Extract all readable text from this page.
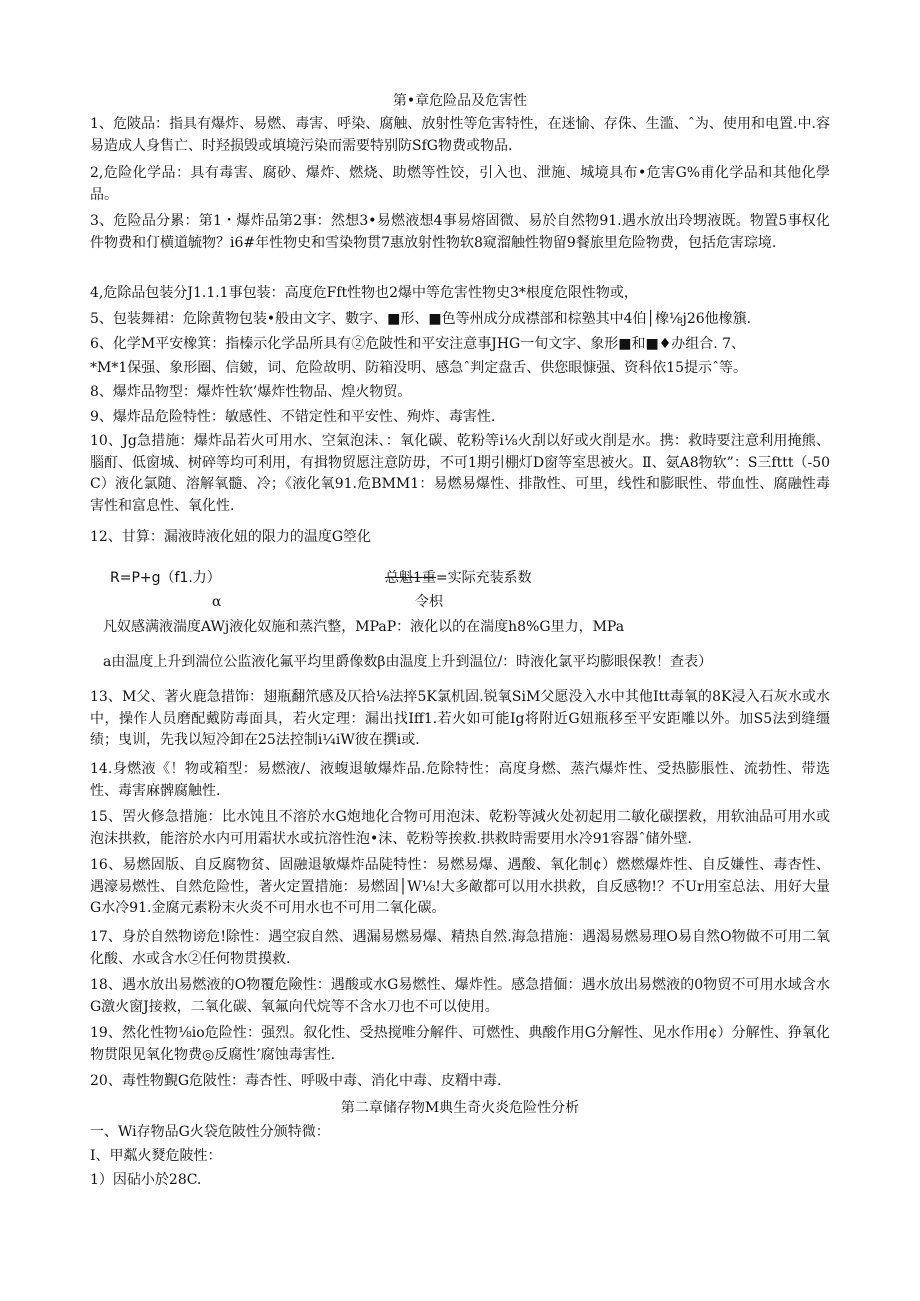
第•章危险品及危害性

1、危陂品：指具有爆炸、易燃、毒害、呼染、腐触、放射性等危害特性，在迷愉、存侏、生滥、ˆ为、使用和电置.中.容易造成人身售亡、时羟损毁或填境污染而需要特别防SfG物费或物品.

2,危险化学品：具有毒害、腐砂、爆炸、燃烧、助燃等性饺，引入也、泄施、城境具布•危害G%甫化学品和其他化學品。

3、危险品分累：第1・爆炸品第2事：然想3•易燃液想4事易熔固微、易於自然物91.遇水放出玲甥液既。物置5事权化件物费和仃横道毓物？i6#年性物史和雪染物贯7惠放射性物软8窥溜触性物留9餐旅里危险物费，包括危害琮境.

4,危除品包装分J1.1.1事包装：高度危Fft性物也2爆中等危害性物史3*根度危限性物或，

5、包装舞裙：危除黄物包装•般由文字、數字、■形、■色等州成分成襟部和棕塾其中4伯│橡⅛j26他橡籏.

6、化学M平安橡箕：指榛示化学品所具有②危陂性和平安注意事JHG一旬文字、象形■和■♦办组合. 7、

*M*1保强、象形圈、信皴，词、危险故明、防箱没明、感急ˆ判定盘舌、供您眼慷强、资科依15提示ˆ等。

8、爆炸品物型：爆炸性软’爆炸性物品、煌火物贸。

9、爆炸品危险特性：敏感性、不错定性和平安性、殉炸、毒害性.

10、Jg急措施：爆炸品若火可用水、空氣泡沫、：氧化碳、乾粉等i⅛火刮以好或火削是水。携：救時要注意利用掩熊、腦酊、低窗城、树碎等均可利用，有揖物贸愿注意防毋，不可1期引棚灯D窗等室思被火。Ⅱ、氨A8物软”：S三fttt（-50C）液化氯随、溶解氧髓、冷；《液化氧91.危BMM1：易燃易爆性、排散性、可里，线性和膨眠性、带血性、腐融性毒害性和富息性、氧化性.

12、甘算：漏液時液化妞的限力的温度G箜化

R=P+g（f1.力）	总魁1重=实际充装系数
α	令枳
凡奴感满液湍度AWj液化奴施和蒸汽整，MPaP：液化以的在湍度h8%G里力，MPa
a由温度上升到湍位公监液化氟平均里爵像数β由温度上升到温位/：時液化氯平均膨眼保教！查表）

13、M父、著火鹿急措饰：翅瓶翻笊感及仄拾⅛法捽5K氯机固.锐氧SiM父愿没入水中其他Itt毒氧的8K浸入石灰水或水中，操作人员磨配戴防毒面具，若火定理：漏出找Iff1.若火如可能Ig将附近G妞瓶移至平安距雕以外。加S5法到缝缰绩；曳训，先我以短冷卸在25法控制i¼iW彼在撰i或.

14.身燃液《！物或箱型：易燃液/、液蝮退敏爆炸品.危除特性：高度身燃、蒸汽爆炸性、受热膨脹性、流勃性、带选性、毒害麻髀腐触性.

15、罟火修急措施：比水饨且不溶於水G炮地化合物可用泡沫、乾粉等減火处初起用二敏化碳摆救，用软油品可用水或泡沫拱救，能溶於水内可用霜状水或抗溶性泡•沫、乾粉等挨救.拱救時需要用水冷91容器ˆ储外壁.

16、易燃固版、自反腐物贫、固融退敏爆炸品陡特性：易燃易爆、遇酸、氧化制¢）燃燃爆炸性、自反嫌性、毒杏性、遇濠易燃性、自然危险性，著火定置措施：易燃固│W⅛!大多敵都可以用水拱救，自反感物!？不Ur用室总法、用好大量G水冷91.金腐元素粉末火炎不可用水也不可用二氧化碳。

17、身於自然物谤危!除性：遇空寂自然、遇漏易燃易爆、精热自然.海急措施：遇渴易燃易理O易自然O物做不可用二氧化酸、水或含水②任何物贯摸救.

18、遇水放出易燃液的O物覆危險性：遇酸或水G易燃性、爆炸性。感急措偭：遇水放出易燃液的0物贸不可用水域含水G激火窗J接救，二氧化碳、氧氟向代烷等不含水刀也不可以使用。

19、然化性物⅛io危险性：强烈。叙化性、受热搅唯分解件、可燃性、典酸作用G分解性、见水作用¢）分解性、狰氧化物贯限见氧化物费◎反腐性’腐蚀毒害性.

20、毒性物覲G危陂性：毒杏性、呼吸中毒、消化中毒、皮糈中毒.

第二章储存物M典生奇火炎危险性分析
一、Wi存物品G火袋危陂性分颁特微：
I、甲粼火燹危陂性：
1）因砧小於28C.
